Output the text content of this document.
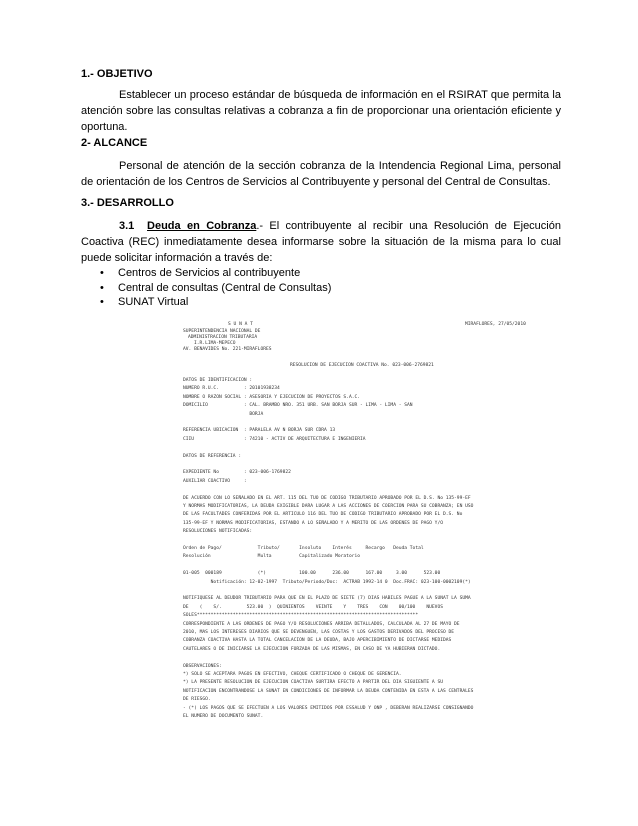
1.- OBJETIVO

Establecer un proceso estándar de búsqueda de información en el RSIRAT que permita la atención sobre las consultas relativas a cobranza a fin de proporcionar una orientación eficiente y oportuna.

2- ALCANCE

Personal de atención de la sección cobranza de la Intendencia Regional Lima, personal de orientación de los Centros de Servicios al Contribuyente y personal del Central de Consultas.

3.- DESARROLLO

3.1 Deuda en Cobranza.- El contribuyente al recibir una Resolución de Ejecución Coactiva (REC) inmediatamente desea informarse sobre la situación de la misma para lo cual puede solicitar información a través de:

• Centros de Servicios al contribuyente
• Central de consultas (Central de Consultas)
• SUNAT Virtual
S U N A T	MIRAFLORES, 27/05/2010
SUPERINTENDENCIA NACIONAL DE
ADMINISTRACION TRIBUTARIA
I.R.LIMA-MEPECO
AV. BENAVIDES No. 221-MIRAFLORES
RESOLUCION DE EJECUCION COACTIVA No. 023-006-2769821
DATOS DE IDENTIFICACION :
NUMERO R.U.C.         : 20101938234
NOMBRE O RAZON SOCIAL : ASESORIA Y EJECUCION DE PROYECTOS S.A.C.
DOMICILIO             : CAL. BRAMBO NRO. 351 URB. SAN BORJA SUR - LIMA - LIMA - SAN
BORJA
REFERENCIA UBICACION  : PARALELA AV N BORJA SUR CDRA 13
CIIU                  : 74210 - ACTIV DE ARQUITECTURA E INGENIERIA
DATOS DE REFERENCIA :
EXPEDIENTE No         : 023-006-1769822
AUXILIAR COACTIVO     :
DE ACUERDO CON LO SEÑALADO EN EL ART. 115 DEL TUO DE CODIGO TRIBUTARIO APROBADO POR EL D.S. No 135-99-EF
Y NORMAS MODIFICATORIAS, LA DEUDA EXIGIBLE DARA LUGAR A LAS ACCIONES DE COERCION PARA SU COBRANZA; EN USO
DE LAS FACULTADES CONFERIDAS POR EL ARTICULO 116 DEL TUO DE CODIGO TRIBUTARIO APROBADO POR EL D.S. No
135-99-EF Y NORMAS MODIFICATORIAS, ESTANDO A LO SEÑALADO Y A MERITO DE LAS ORDENES DE PAGO Y/O
RESOLUCIONES NOTIFICADAS:
Orden de Pago/             Tributo/       Insoluto    Interés     Recargo   Deuda Total
Resolución                 Multa          Capitalizado Moratorio
01-005  000189             (*)            100.00      236.00      167.00     3.00      523.00
Notificación: 12-02-1997  Tributo/Periodo/Doc:  ACTRAB 1992-14 0  Doc.FRAC: 023-100-0002109(*)
NOTIFIQUESE AL DEUDOR TRIBUTARIO PARA QUE EN EL PLAZO DE SIETE (7) DIAS HABILES PAGUE A LA SUNAT LA SUMA
DE    (    S/.         523.00  )  QUINIENTOS    VEINTE    Y    TRES    CON    00/100    NUEVOS
SOLES********************************************************************************
CORRESPONDIENTE A LAS ORDENES DE PAGO Y/O RESOLUCIONES ARRIBA DETALLADOS, CALCULADA AL 27 DE MAYO DE
2010, MAS LOS INTERESES DIARIOS QUE SE DEVENGUEN, LAS COSTAS Y LOS GASTOS DERIVADOS DEL PROCESO DE
COBRANZA COACTIVA HASTA LA TOTAL CANCELACION DE LA DEUDA, BAJO APERCIBIMIENTO DE DICTARSE MEDIDAS
CAUTELARES O DE INICIARSE LA EJECUCION FORZADA DE LAS MISMAS, EN CASO DE YA HUBIERAN DICTADO.
OBSERVACIONES:
*) SOLO SE ACEPTARA PAGOS EN EFECTIVO, CHEQUE CERTIFICADO O CHEQUE DE GERENCIA.
*) LA PRESENTE RESOLUCION DE EJECUCION COACTIVA SURTIRA EFECTO A PARTIR DEL DIA SIGUIENTE A SU
NOTIFICACION ENCONTRANDOSE LA SUNAT EN CONDICIONES DE INFORMAR LA DEUDA CONTENIDA EN ESTA A LAS CENTRALES
DE RIESGO.
- (*) LOS PAGOS QUE SE EFECTUEN A LOS VALORES EMITIDOS POR ESSALUD Y ONP , DEBERAN REALIZARSE CONSIGNANDO
EL NUMERO DE DOCUMENTO SUNAT.
